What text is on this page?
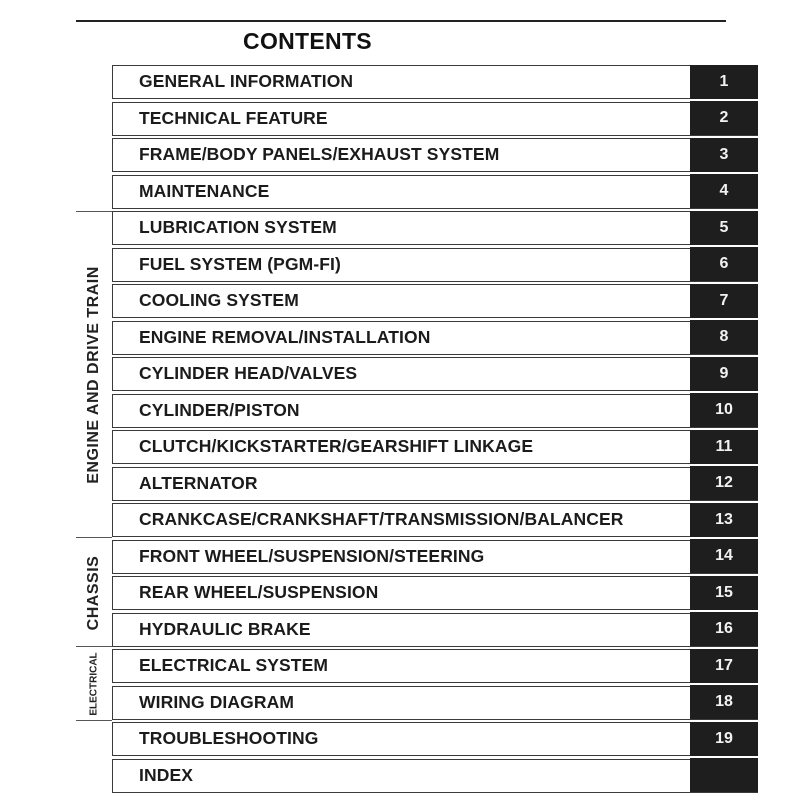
CONTENTS
ENGINE AND DRIVE TRAIN
CHASSIS
ELECTRICAL
GENERAL INFORMATION	1
TECHNICAL FEATURE	2
FRAME/BODY PANELS/EXHAUST SYSTEM	3
MAINTENANCE	4
LUBRICATION SYSTEM	5
FUEL SYSTEM (PGM-FI)	6
COOLING SYSTEM	7
ENGINE REMOVAL/INSTALLATION	8
CYLINDER HEAD/VALVES	9
CYLINDER/PISTON	10
CLUTCH/KICKSTARTER/GEARSHIFT LINKAGE	11
ALTERNATOR	12
CRANKCASE/CRANKSHAFT/TRANSMISSION/BALANCER	13
FRONT WHEEL/SUSPENSION/STEERING	14
REAR WHEEL/SUSPENSION	15
HYDRAULIC BRAKE	16
ELECTRICAL SYSTEM	17
WIRING DIAGRAM	18
TROUBLESHOOTING	19
INDEX
